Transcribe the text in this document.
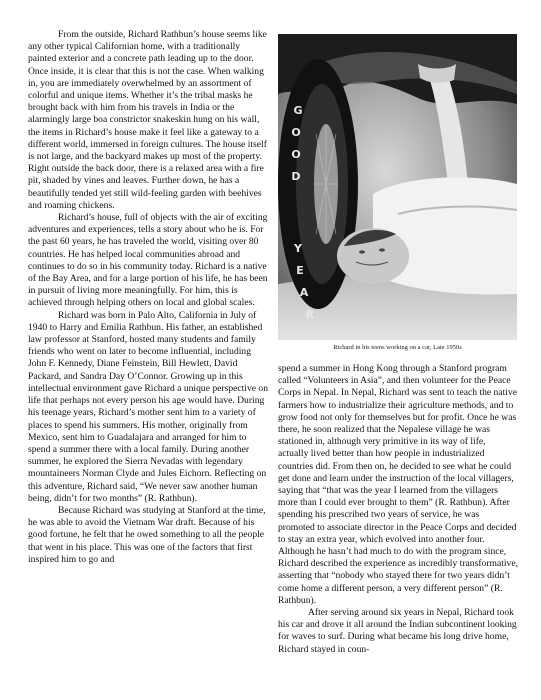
From the outside, Richard Rathbun’s house seems like any other typical Californian home, with a traditionally painted exterior and a concrete path leading up to the door. Once inside, it is clear that this is not the case. When walking in, you are immediately overwhelmed by an assortment of colorful and unique items. Whether it’s the tribal masks he brought back with him from his travels in India or the alarmingly large boa constrictor snakeskin hung on his wall, the items in Richard’s house make it feel like a gateway to a different world, immersed in foreign cultures. The house itself is not large, and the backyard makes up most of the property. Right outside the back door, there is a relaxed area with a fire pit, shaded by vines and leaves. Further down, he has a beautifully tended yet still wild-feeling garden with beehives and roaming chickens.

Richard’s house, full of objects with the air of exciting adventures and experiences, tells a story about who he is. For the past 60 years, he has traveled the world, visiting over 80 countries. He has helped local communities abroad and continues to do so in his community today. Richard is a native of the Bay Area, and for a large portion of his life, he has been in pursuit of living more meaningfully. For him, this is achieved through helping others on local and global scales.

Richard was born in Palo Alto, California in July of 1940 to Harry and Emilia Rathbun. His father, an established law professor at Stanford, hosted many students and family friends who went on later to become influential, including John F. Kennedy, Diane Feinstein, Bill Hewlett, David Packard, and Sandra Day O’Connor. Growing up in this intellectual environment gave Richard a unique perspective on life that perhaps not every person his age would have. During his teenage years, Richard’s mother sent him to a variety of places to spend his summers. His mother, originally from Mexico, sent him to Guadalajara and arranged for him to spend a summer there with a local family. During another summer, he explored the Sierra Nevadas with legendary mountaineers Norman Clyde and Jules Eichorn. Reflecting on this adventure, Richard said, “We never saw another human being, didn’t for two months” (R. Rathbun).

Because Richard was studying at Stanford at the time, he was able to avoid the Vietnam War draft. Because of his good fortune, he felt that he owed something to all the people that went in his place. This was one of the factors that first inspired him to go and

G
O
O
D
Y
E
A
R
Richard in his teens working on a car, Late 1950s

spend a summer in Hong Kong through a Stanford program called “Volunteers in Asia”, and then volunteer for the Peace Corps in Nepal. In Nepal, Richard was sent to teach the native farmers how to industrialize their agriculture methods, and to grow food not only for themselves but for profit. Once he was there, he soon realized that the Nepalese village he was stationed in, although very primitive in its way of life, actually lived better than how people in industrialized countries did. From then on, he decided to see what he could get done and learn under the instruction of the local villagers, saying that “that was the year I learned from the villagers more than I could ever brought to them” (R. Rathbun). After spending his prescribed two years of service, he was promoted to associate director in the Peace Corps and decided to stay an extra year, which evolved into another four. Although he hasn’t had much to do with the program since, Richard described the experience as incredibly transformative, asserting that “nobody who stayed there for two years didn’t come home a different person, a very different person” (R. Rathbun).

After serving around six years in Nepal, Richard took his car and drove it all around the Indian subcontinent looking for waves to surf. During what became his long drive home, Richard stayed in coun-
